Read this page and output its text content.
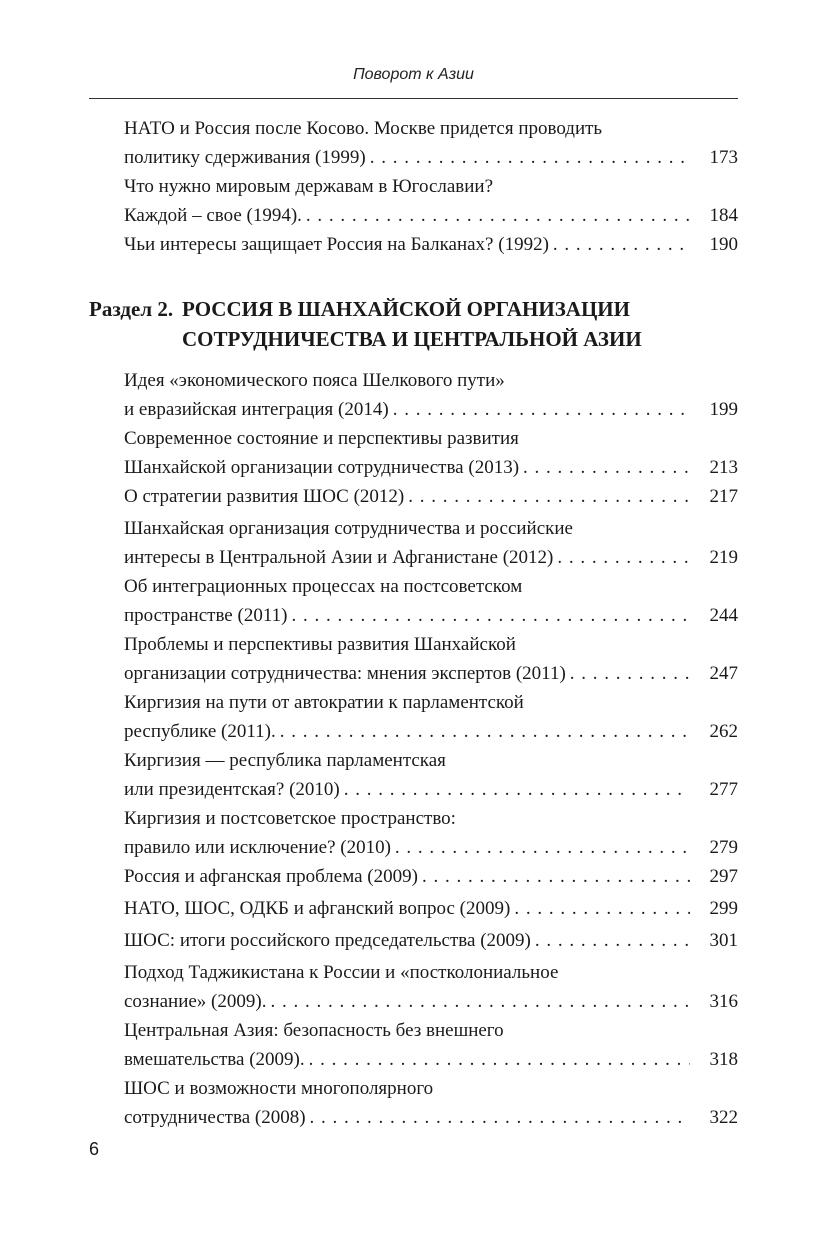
Поворот к Азии
НАТО и Россия после Косово. Москве придется проводить
политику сдерживания (1999) . . .	173
Что нужно мировым державам в Югославии?
Каждой – свое (1994). . . .	184
Чьи интересы защищает Россия на Балканах? (1992) . . .	190
Раздел 2. РОССИЯ В ШАНХАЙСКОЙ ОРГАНИЗАЦИИ
СОТРУДНИЧЕСТВА И ЦЕНТРАЛЬНОЙ АЗИИ
Идея «экономического пояса Шелкового пути»
и евразийская интеграция (2014) . . .	199
Современное состояние и перспективы развития
Шанхайской организации сотрудничества (2013) . . .	213
О стратегии развития ШОС (2012) . . .	217
Шанхайская организация сотрудничества и российские
интересы в Центральной Азии и Афганистане (2012) . . .	219
Об интеграционных процессах на постсоветском
пространстве (2011) . . .	244
Проблемы и перспективы развития Шанхайской
организации сотрудничества: мнения экспертов (2011) . . .	247
Киргизия на пути от автократии к парламентской
республике (2011). . . .	262
Киргизия — республика парламентская
или президентская? (2010) . . .	277
Киргизия и постсоветское пространство:
правило или исключение? (2010) . . .	279
Россия и афганская проблема (2009) . . .	297
НАТО, ШОС, ОДКБ и афганский вопрос (2009) . . .	299
ШОС: итоги российского председательства (2009) . . .	301
Подход Таджикистана к России и «постколониальное
сознание» (2009). . . .	316
Центральная Азия: безопасность без внешнего
вмешательства (2009). . . .	318
ШОС и возможности многополярного
сотрудничества (2008) . . .	322
6
